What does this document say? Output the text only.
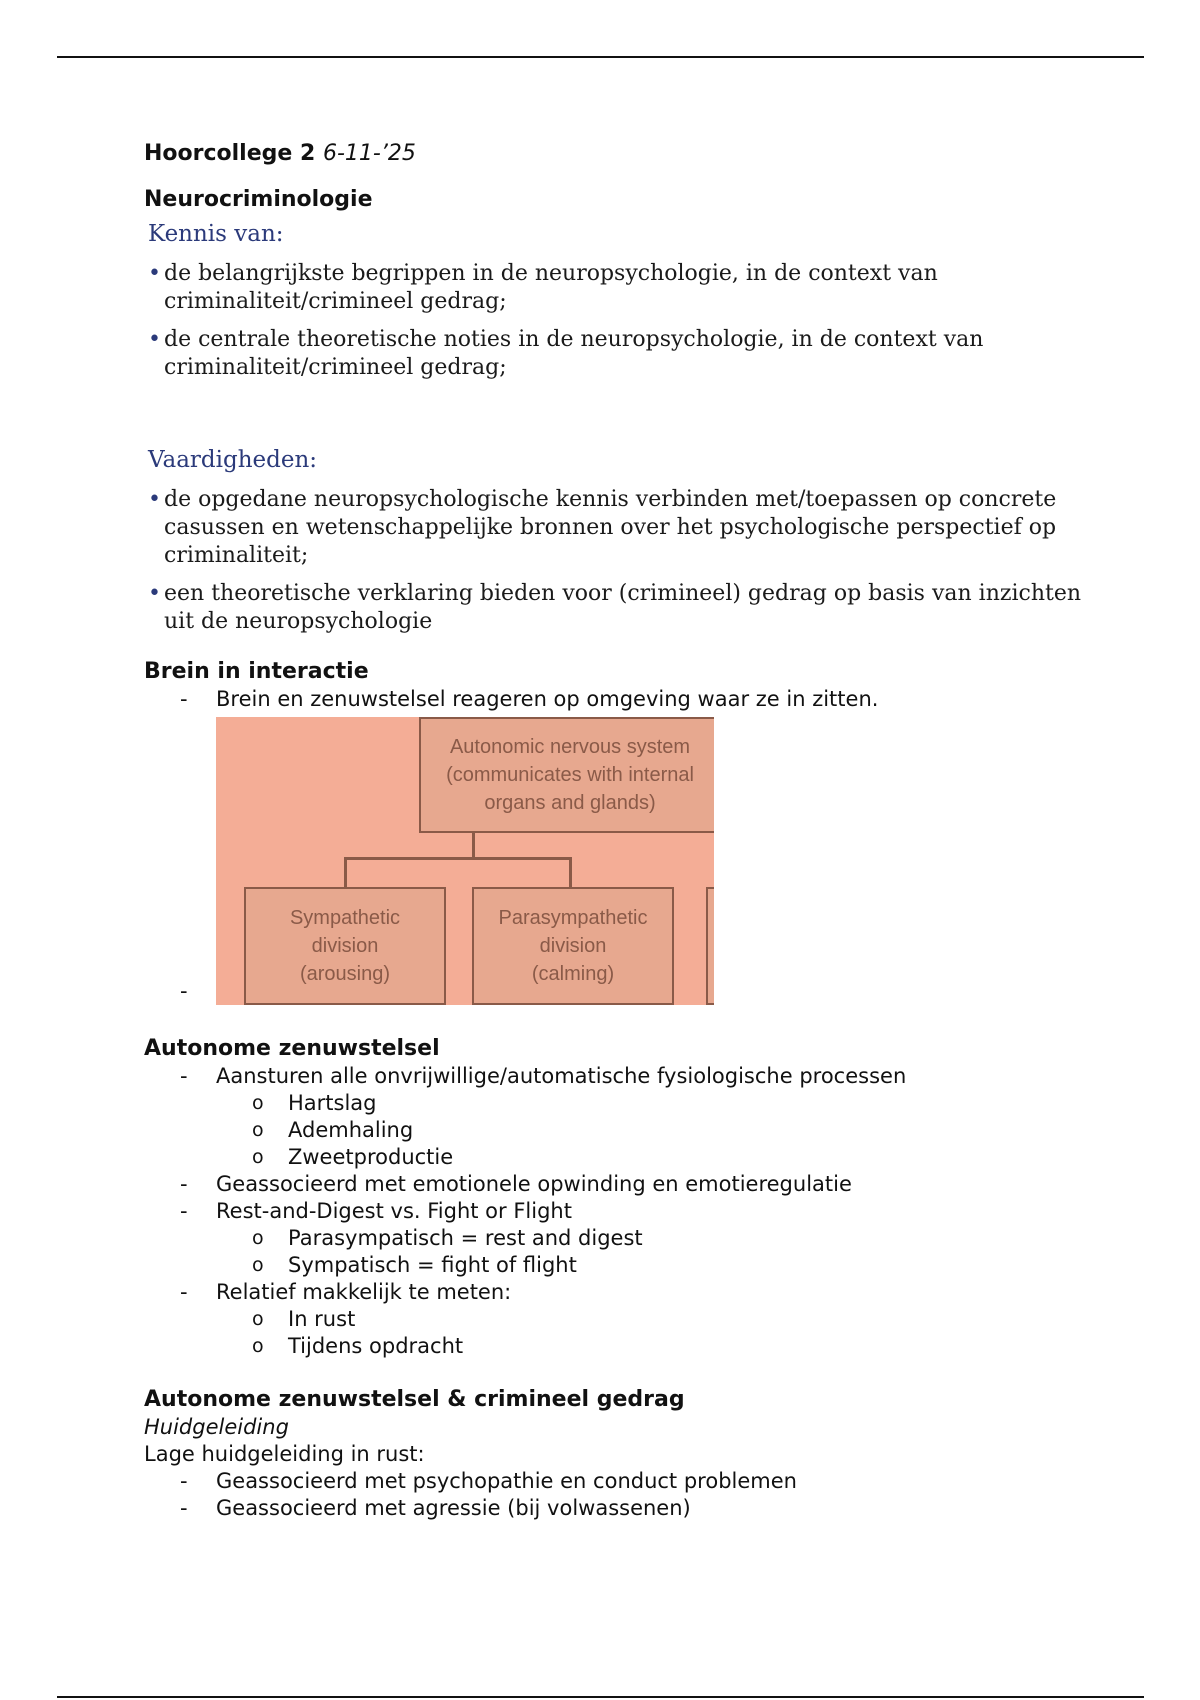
Hoorcollege 2 6-11-’25
Neurocriminologie
Kennis van:
• de belangrijkste begrippen in de neuropsychologie, in de context van criminaliteit/crimineel gedrag;
• de centrale theoretische noties in de neuropsychologie, in de context van criminaliteit/crimineel gedrag;
Vaardigheden:
• de opgedane neuropsychologische kennis verbinden met/toepassen op concrete casussen en wetenschappelijke bronnen over het psychologische perspectief op criminaliteit;
• een theoretische verklaring bieden voor (crimineel) gedrag op basis van inzichten uit de neuropsychologie
Brein in interactie
- Brein en zenuwstelsel reageren op omgeving waar ze in zitten.
-
Autonomic nervous system
(communicates with internal
organs and glands)
Sympathetic
division
(arousing)
Parasympathetic
division
(calming)
Autonome zenuwstelsel
- Aansturen alle onvrijwillige/automatische fysiologische processen
o Hartslag
o Ademhaling
o Zweetproductie
- Geassocieerd met emotionele opwinding en emotieregulatie
- Rest-and-Digest vs. Fight or Flight
o Parasympatisch = rest and digest
o Sympatisch = fight of flight
- Relatief makkelijk te meten:
o In rust
o Tijdens opdracht
Autonome zenuwstelsel & crimineel gedrag
Huidgeleiding
Lage huidgeleiding in rust:
- Geassocieerd met psychopathie en conduct problemen
- Geassocieerd met agressie (bij volwassenen)
